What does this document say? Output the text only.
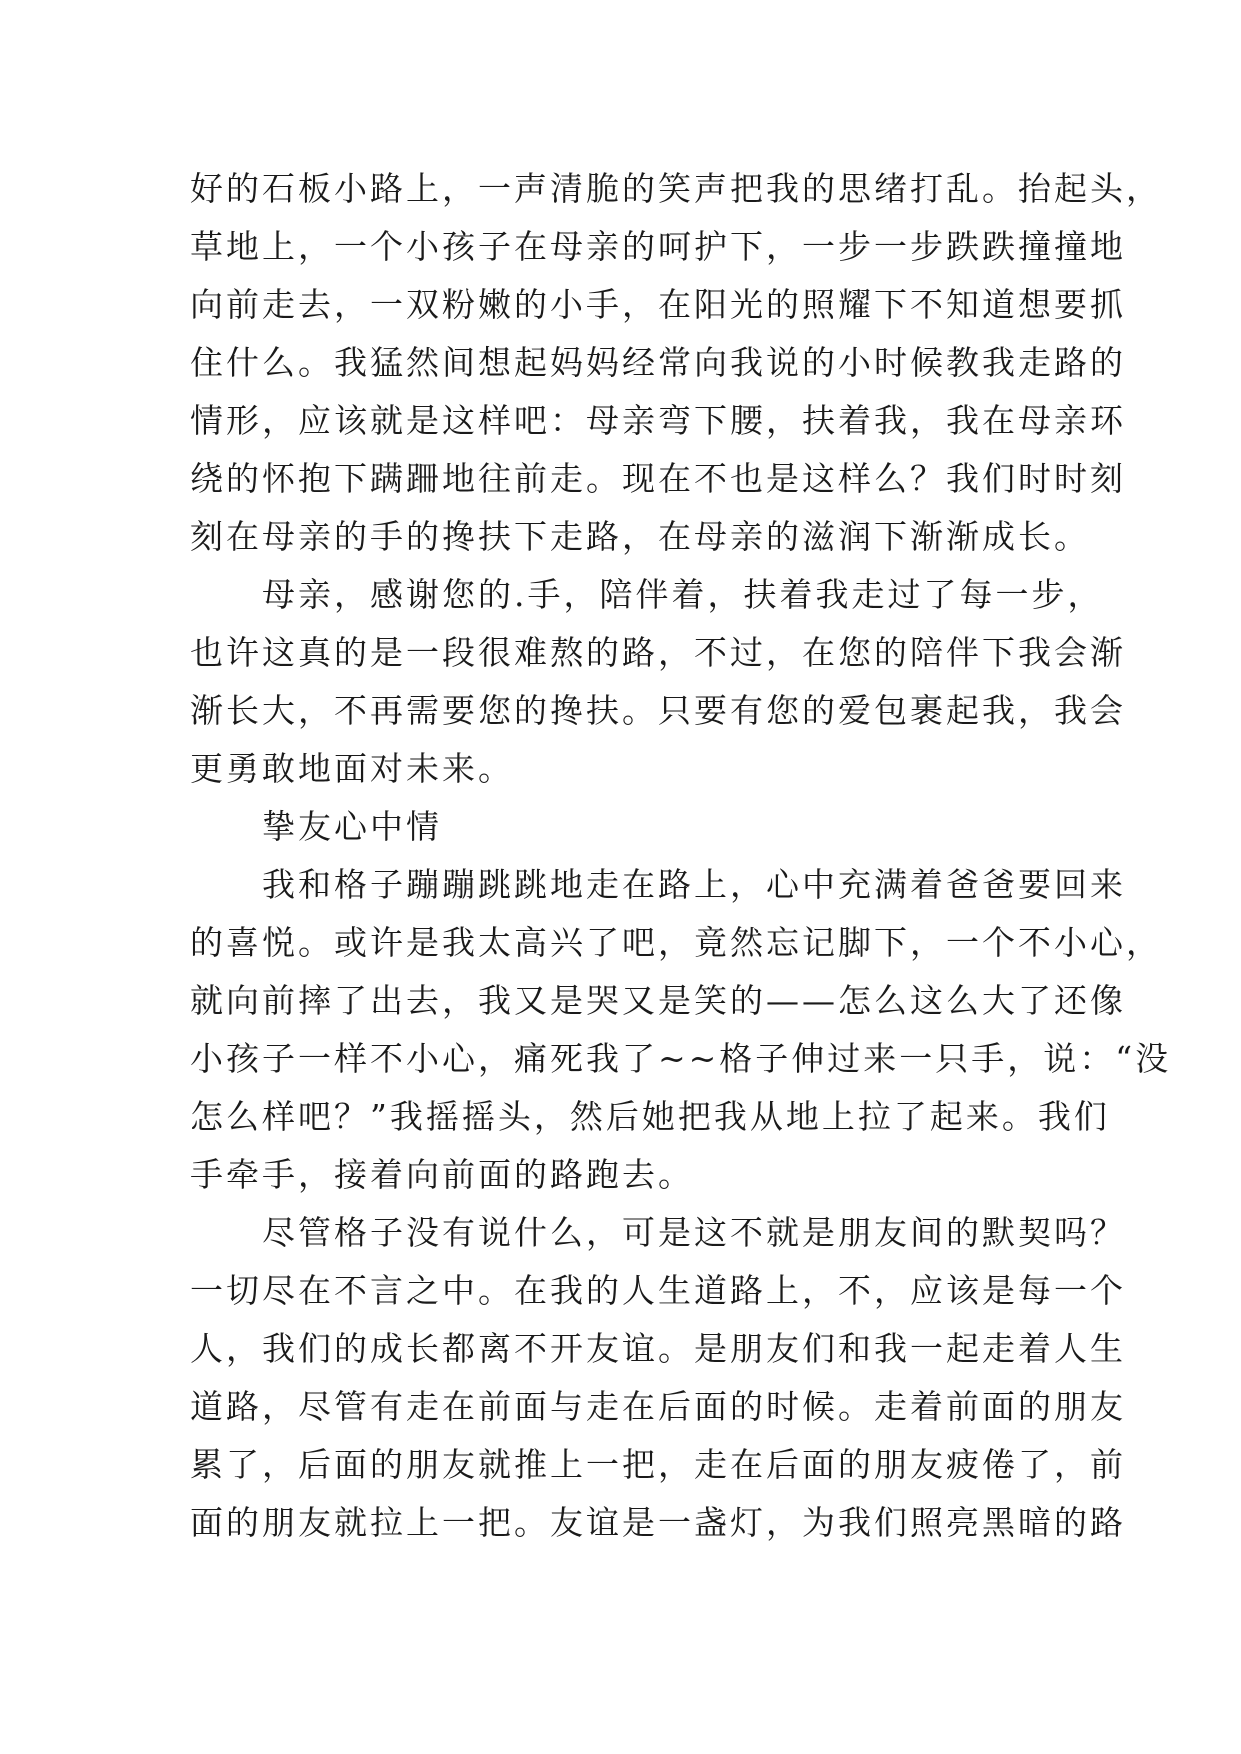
好的石板小路上，一声清脆的笑声把我的思绪打乱。抬起头，
草地上，一个小孩子在母亲的呵护下，一步一步跌跌撞撞地
向前走去，一双粉嫩的小手，在阳光的照耀下不知道想要抓
住什么。我猛然间想起妈妈经常向我说的小时候教我走路的
情形，应该就是这样吧：母亲弯下腰，扶着我，我在母亲环
绕的怀抱下蹒跚地往前走。现在不也是这样么？我们时时刻
刻在母亲的手的搀扶下走路，在母亲的滋润下渐渐成长。
　　母亲，感谢您的.手，陪伴着，扶着我走过了每一步，
也许这真的是一段很难熬的路，不过，在您的陪伴下我会渐
渐长大，不再需要您的搀扶。只要有您的爱包裹起我，我会
更勇敢地面对未来。
　　挚友心中情
　　我和格子蹦蹦跳跳地走在路上，心中充满着爸爸要回来
的喜悦。或许是我太高兴了吧，竟然忘记脚下，一个不小心，
就向前摔了出去，我又是哭又是笑的——怎么这么大了还像
小孩子一样不小心，痛死我了~~格子伸过来一只手，说：“没
怎么样吧？”我摇摇头，然后她把我从地上拉了起来。我们
手牵手，接着向前面的路跑去。
　　尽管格子没有说什么，可是这不就是朋友间的默契吗？
一切尽在不言之中。在我的人生道路上，不，应该是每一个
人，我们的成长都离不开友谊。是朋友们和我一起走着人生
道路，尽管有走在前面与走在后面的时候。走着前面的朋友
累了，后面的朋友就推上一把，走在后面的朋友疲倦了，前
面的朋友就拉上一把。友谊是一盏灯，为我们照亮黑暗的路
